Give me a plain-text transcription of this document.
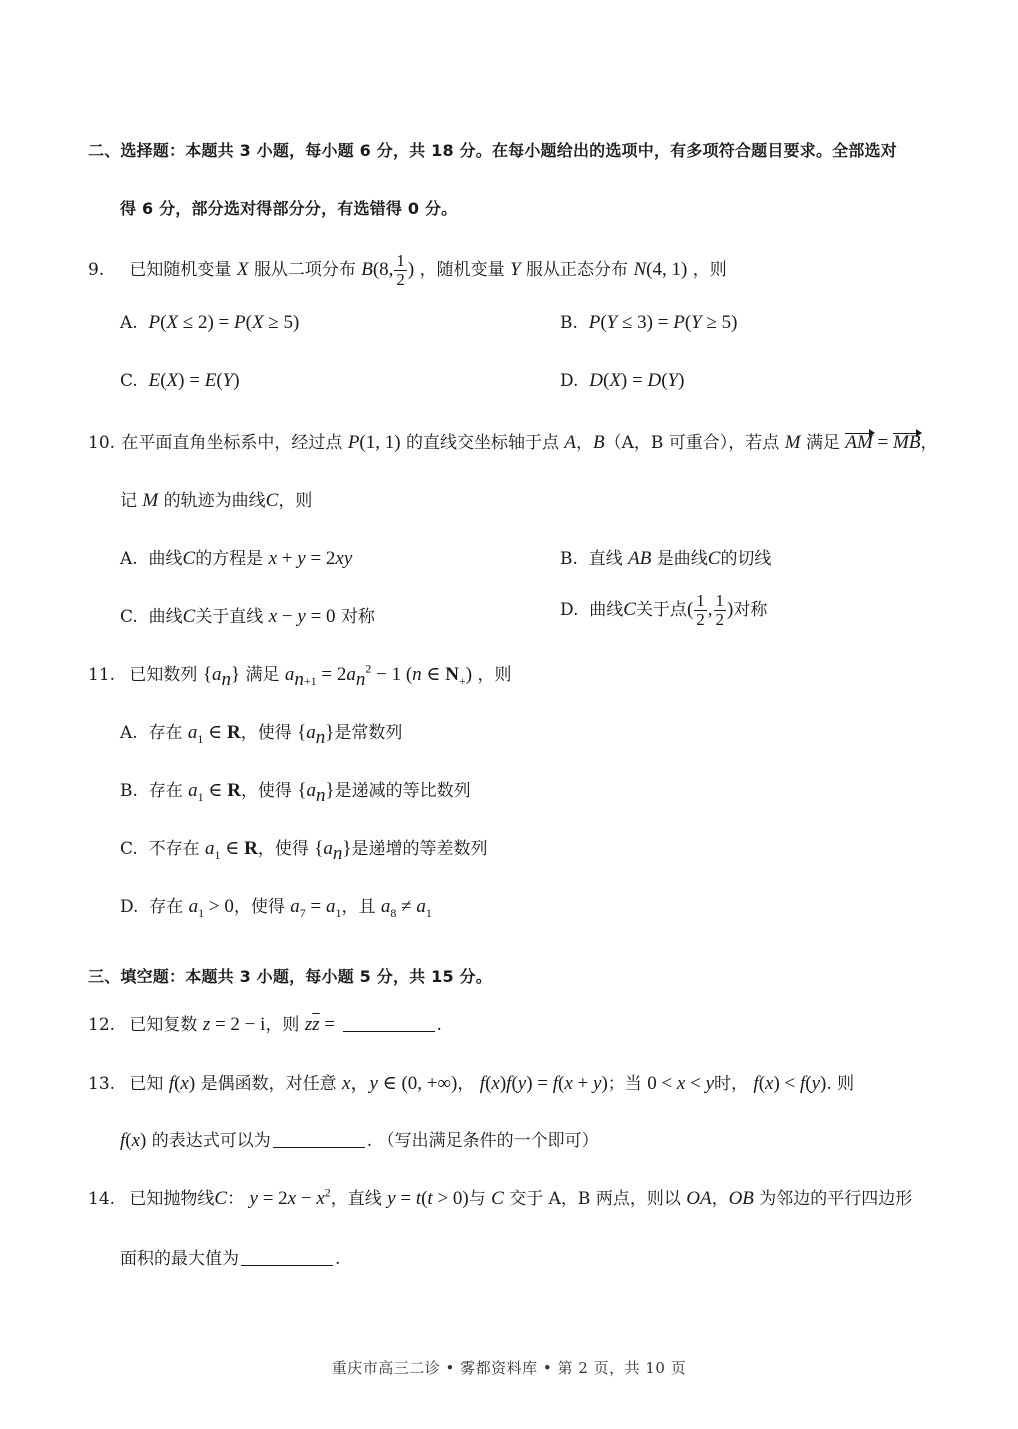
二、选择题：本题共 3 小题，每小题 6 分，共 18 分。在每小题给出的选项中，有多项符合题目要求。全部选对
得 6 分，部分选对得部分分，有选错得 0 分。
9. 已知随机变量 X 服从二项分布 B(8, $\frac{1}{2}$ ) ，随机变量 Y 服从正态分布 N(4, 1) ，则
A. P(X ≤ 2) = P(X ≥ 5)	B. P(Y ≤ 3) = P(Y ≥ 5)
C. E(X) = E(Y)	D. D(X) = D(Y)
10. 在平面直角坐标系中，经过点 P(1, 1) 的直线交坐标轴于点 A，B（A，B 可重合），若点 M 满足 AM = MB，
记 M 的轨迹为曲线C，则
A. 曲线C的方程是 x + y = 2xy	B. 直线 AB 是曲线C的切线
C. 曲线C关于直线 x − y = 0 对称	D. 曲线C关于点( $\frac{1}{2}$ , $\frac{1}{2}$ )对称
11. 已知数列 $\{a_n\}$ 满足 $a_{n+1} = 2a_n^2 - 1$ (n ∈ $N_+$) ，则
A. 存在 $a_1$ ∈ R，使得 $\{a_n\}$是常数列
B. 存在 $a_1$ ∈ R，使得 $\{a_n\}$是递减的等比数列
C. 不存在 $a_1$ ∈ R，使得 $\{a_n\}$是递增的等差数列
D. 存在 $a_1 > 0$，使得 $a_7 = a_1$，且 $a_8 \ne a_1$
三、填空题：本题共 3 小题，每小题 5 分，共 15 分。
12. 已知复数 z = 2 − i，则 $z\overline{z}$ =	.
13. 已知 f(x) 是偶函数，对任意 x，y ∈ (0, +∞)， f(x)f(y) = f(x + y)；当 0 < x < y时， f(x) < f(y). 则
f(x) 的表达式可以为	. （写出满足条件的一个即可）
14. 已知抛物线C： $y = 2x - x^2$，直线 y = t(t > 0)与 C 交于 A，B 两点，则以 OA，OB 为邻边的平行四边形
面积的最大值为	.
重庆市高三二诊 • 雾都资料库 • 第 2 页，共 10 页
